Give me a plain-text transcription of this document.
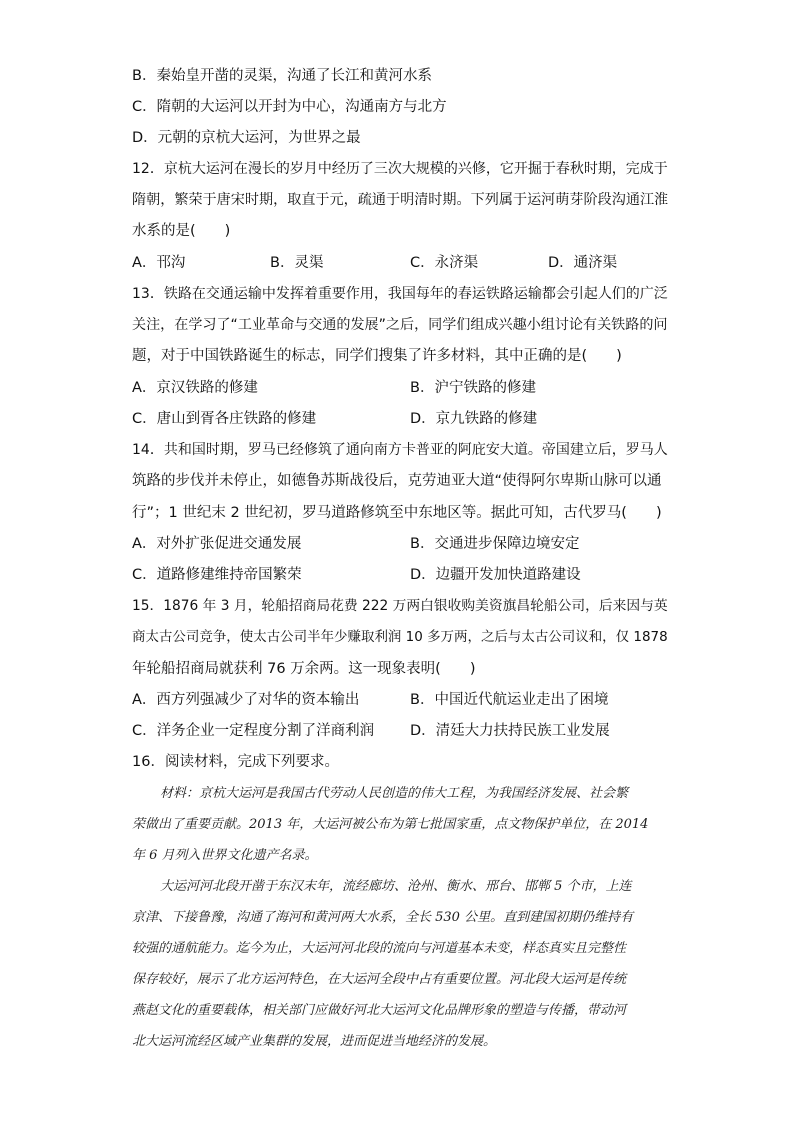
B．秦始皇开凿的灵渠，沟通了长江和黄河水系
C．隋朝的大运河以开封为中心，沟通南方与北方
D．元朝的京杭大运河，为世界之最
12．京杭大运河在漫长的岁月中经历了三次大规模的兴修，它开掘于春秋时期，完成于
隋朝，繁荣于唐宋时期，取直于元，疏通于明清时期。下列属于运河萌芽阶段沟通江淮
水系的是(　　)
A．邗沟	B．灵渠	C．永济渠	D．通济渠
13．铁路在交通运输中发挥着重要作用，我国每年的春运铁路运输都会引起人们的广泛
关注，在学习了“工业革命与交通的发展”之后，同学们组成兴趣小组讨论有关铁路的问
题，对于中国铁路诞生的标志，同学们搜集了许多材料，其中正确的是(　　)
A．京汉铁路的修建	B．沪宁铁路的修建
C．唐山到胥各庄铁路的修建	D．京九铁路的修建
14．共和国时期，罗马已经修筑了通向南方卡普亚的阿庇安大道。帝国建立后，罗马人
筑路的步伐并未停止，如德鲁苏斯战役后，克劳迪亚大道“使得阿尔卑斯山脉可以通
行”；1 世纪末 2 世纪初，罗马道路修筑至中东地区等。据此可知，古代罗马(　　)
A．对外扩张促进交通发展	B．交通进步保障边境安定
C．道路修建维持帝国繁荣	D．边疆开发加快道路建设
15．1876 年 3 月，轮船招商局花费 222 万两白银收购美资旗昌轮船公司，后来因与英
商太古公司竞争，使太古公司半年少赚取利润 10 多万两，之后与太古公司议和，仅 1878
年轮船招商局就获利 76 万余两。这一现象表明(　　)
A．西方列强减少了对华的资本输出	B．中国近代航运业走出了困境
C．洋务企业一定程度分割了洋商利润 D．清廷大力扶持民族工业发展
16．阅读材料，完成下列要求。
材料：京杭大运河是我国古代劳动人民创造的伟大工程，为我国经济发展、社会繁
荣做出了重要贡献。2013 年，大运河被公布为第七批国家重，点文物保护单位，在 2014
年 6 月列入世界文化遗产名录。
大运河河北段开凿于东汉末年，流经廊坊、沧州、衡水、邢台、邯郸 5 个市，上连
京津、下接鲁豫，沟通了海河和黄河两大水系，全长 530 公里。直到建国初期仍维持有
较强的通航能力。迄今为止，大运河河北段的流向与河道基本未变，样态真实且完整性
保存较好，展示了北方运河特色，在大运河全段中占有重要位置。河北段大运河是传统
燕赵文化的重要载体，相关部门应做好河北大运河文化品牌形象的塑造与传播，带动河
北大运河流经区域产业集群的发展，进而促进当地经济的发展。
